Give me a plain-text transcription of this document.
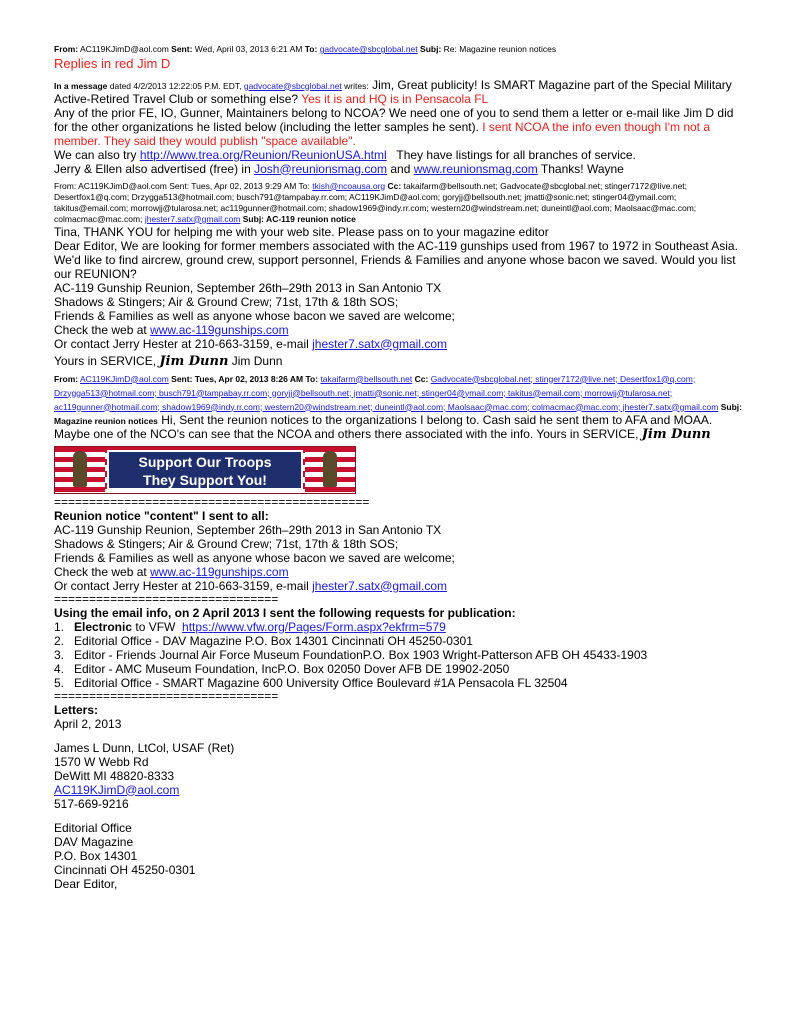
From: AC119KJimD@aol.com Sent: Wed, April 03, 2013 6:21 AM To: gadvocate@sbcglobal.net Subj: Re: Magazine reunion notices
Replies in red Jim D
In a message dated 4/2/2013 12:22:05 P.M. EDT, gadvocate@sbcglobal.net writes: Jim, Great publicity! Is SMART Magazine part of the Special Military Active-Retired Travel Club or something else? Yes it is and HQ is in Pensacola FL
Any of the prior FE, IO, Gunner, Maintainers belong to NCOA? We need one of you to send them a letter or e-mail like Jim D did for the other organizations he listed below (including the letter samples he sent). I sent NCOA the info even though I'm not a member. They said they would publish "space available".
We can also try http://www.trea.org/Reunion/ReunionUSA.html They have listings for all branches of service.
Jerry & Ellen also advertised (free) in Josh@reunionsmag.com and www.reunionsmag.com Thanks! Wayne
From: AC119KJimD@aol.com Sent: Tues, Apr 02, 2013 9:29 AM To: tkish@ncoausa.org Cc: takaifarm@bellsouth.net; Gadvocate@sbcglobal.net; stinger7172@live.net; Desertfox1@q.com; Drzygga513@hotmail.com; busch791@tampabay.rr.com; AC119KJimD@aol.com; goryjj@bellsouth.net; jmatti@sonic.net; stinger04@ymail.com; takitus@email.com; morrowjj@tularosa.net; ac119gunner@hotmail.com; shadow1969@indy.rr.com; western20@windstream.net; duneintl@aol.com; Maolsaac@mac.com; colmacmac@mac.com; jhester7.satx@gmail.com Subj: AC-119 reunion notice
Tina, THANK YOU for helping me with your web site. Please pass on to your magazine editor
Dear Editor, We are looking for former members associated with the AC-119 gunships used from 1967 to 1972 in Southeast Asia. We'd like to find aircrew, ground crew, support personnel, Friends & Families and anyone whose bacon we saved. Would you list our REUNION?
AC-119 Gunship Reunion, September 26th–29th 2013 in San Antonio TX
Shadows & Stingers; Air & Ground Crew; 71st, 17th & 18th SOS;
Friends & Families as well as anyone whose bacon we saved are welcome;
Check the web at www.ac-119gunships.com
Or contact Jerry Hester at 210-663-3159, e-mail jhester7.satx@gmail.com
Yours in SERVICE, Jim Dunn Jim Dunn
From: AC119KJimD@aol.com Sent: Tues, Apr 02, 2013 8:26 AM To: takaifarm@bellsouth.net Cc: Gadvocate@sbcglobal.net; stinger7172@live.net; Desertfox1@q.com; Drzygga513@hotmail.com; busch791@tampabay.rr.com; goryjj@bellsouth.net; jmatti@sonic.net; stinger04@ymail.com; takitus@email.com; morrowjj@tularosa.net; ac119gunner@hotmail.com; shadow1969@indy.rr.com; western20@windstream.net; duneintl@aol.com; Maolsaac@mac.com; colmacmac@mac.com; jhester7.satx@gmail.com Subj: Magazine reunion notices Hi, Sent the reunion notices to the organizations I belong to. Cash said he sent them to AFA and MOAA. Maybe one of the NCO's can see that the NCOA and others there associated with the info. Yours in SERVICE, Jim Dunn
Support Our Troops
They Support You!
=============================================
Reunion notice "content" I sent to all:
AC-119 Gunship Reunion, September 26th–29th 2013 in San Antonio TX
Shadows & Stingers; Air & Ground Crew; 71st, 17th & 18th SOS;
Friends & Families as well as anyone whose bacon we saved are welcome;
Check the web at www.ac-119gunships.com
Or contact Jerry Hester at 210-663-3159, e-mail jhester7.satx@gmail.com
================================
Using the email info, on 2 April 2013 I sent the following requests for publication:
1. Electronic to VFW  https://www.vfw.org/Pages/Form.aspx?ekfrm=579
2. Editorial Office - DAV Magazine P.O. Box 14301 Cincinnati OH 45250-0301
3. Editor - Friends Journal Air Force Museum FoundationP.O. Box 1903 Wright-Patterson AFB OH 45433-1903
4. Editor - AMC Museum Foundation, IncP.O. Box 02050 Dover AFB DE 19902-2050
5. Editorial Office - SMART Magazine 600 University Office Boulevard #1A Pensacola FL 32504
================================
Letters:
April 2, 2013
James L Dunn, LtCol, USAF (Ret)
1570 W Webb Rd
DeWitt MI 48820-8333
AC119KJimD@aol.com
517-669-9216
Editorial Office
DAV Magazine
P.O. Box 14301
Cincinnati OH 45250-0301
Dear Editor,
